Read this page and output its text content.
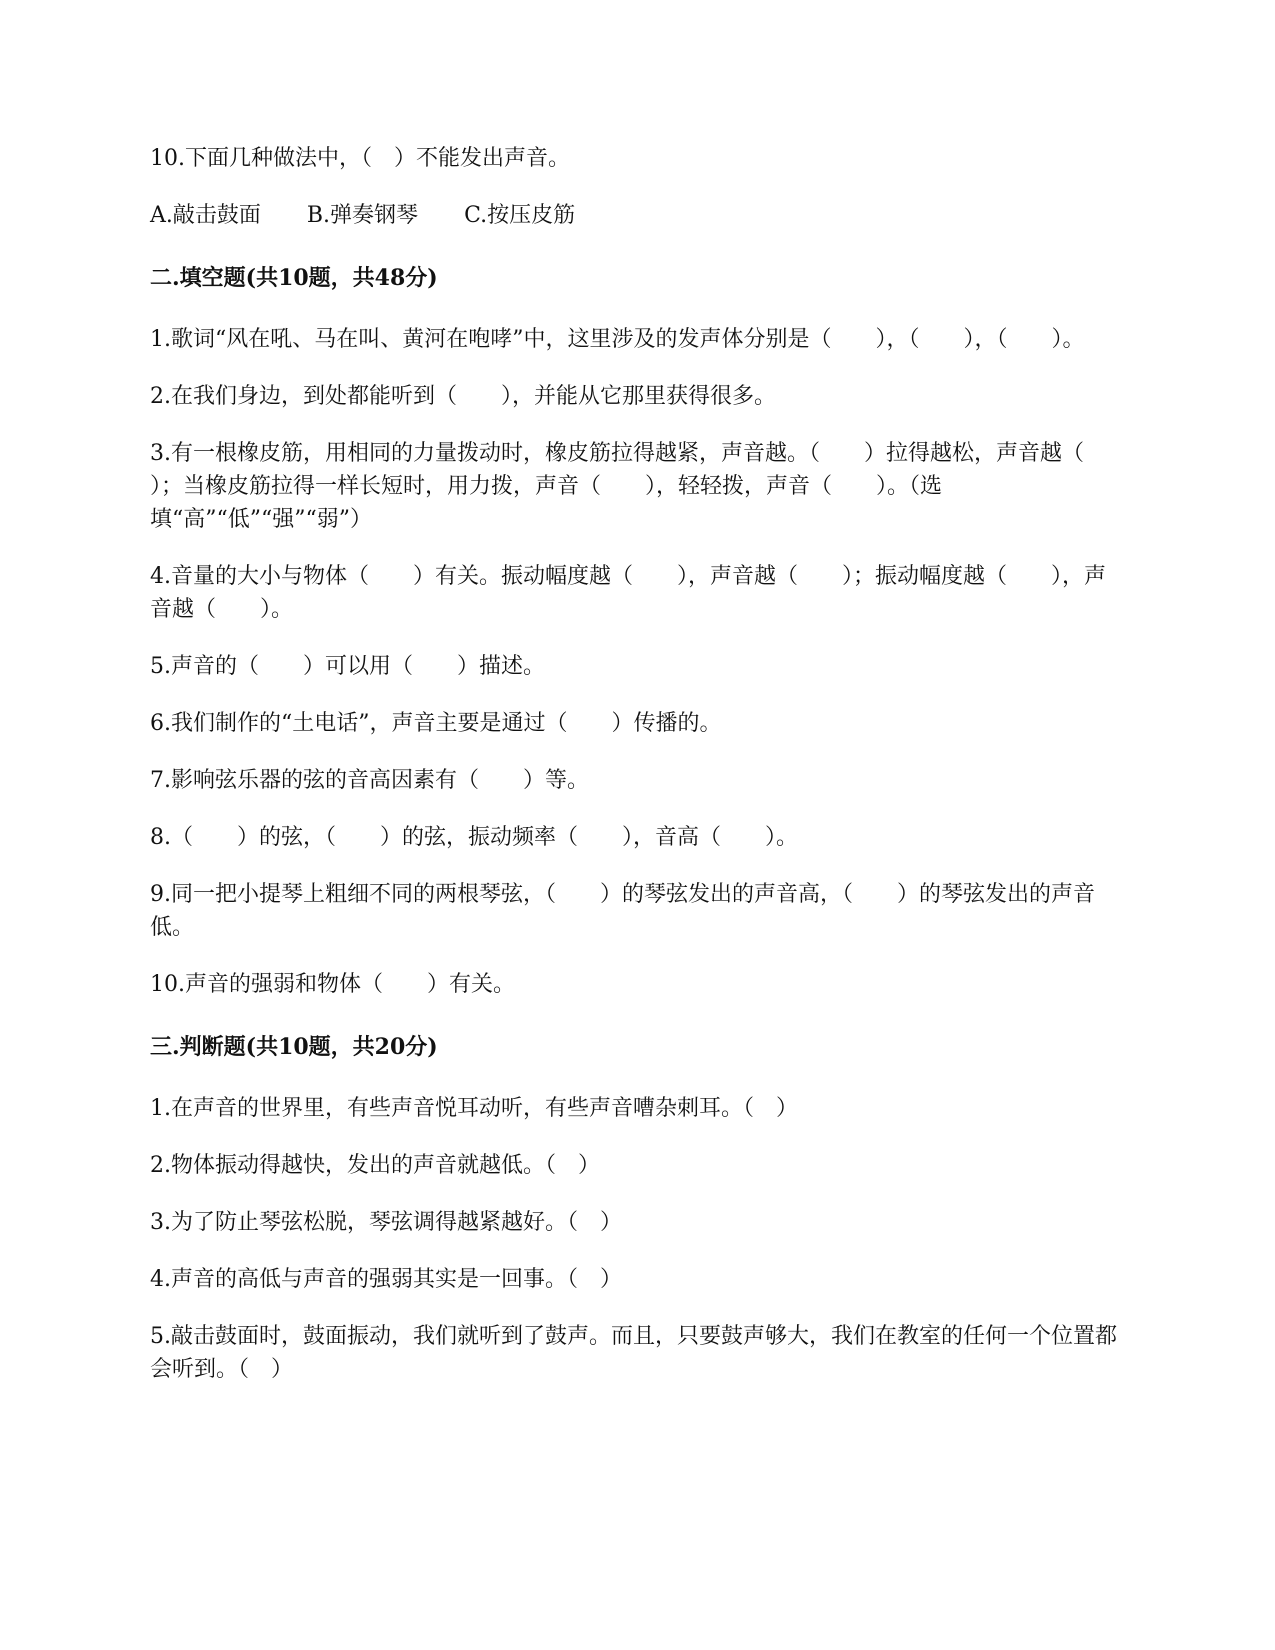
10.下面几种做法中，（　）不能发出声音。
A.敲击鼓面 B.弹奏钢琴 C.按压皮筋
二.填空题(共10题，共48分)
1.歌词“风在吼、马在叫、黄河在咆哮”中，这里涉及的发声体分别是（　　），（　　），（　　）。
2.在我们身边，到处都能听到（　　），并能从它那里获得很多。
3.有一根橡皮筋，用相同的力量拨动时，橡皮筋拉得越紧，声音越。（　　）拉得越松，声音越（　　）；当橡皮筋拉得一样长短时，用力拨，声音（　　），轻轻拨，声音（　　）。（选填“高”“低”“强”“弱”）
4.音量的大小与物体（　　）有关。振动幅度越（　　），声音越（　　）；振动幅度越（　　），声音越（　　）。
5.声音的（　　）可以用（　　）描述。
6.我们制作的“土电话”，声音主要是通过（　　）传播的。
7.影响弦乐器的弦的音高因素有（　　）等。
8.（　　）的弦，（　　）的弦，振动频率（　　），音高（　　）。
9.同一把小提琴上粗细不同的两根琴弦，（　　）的琴弦发出的声音高，（　　）的琴弦发出的声音低。
10.声音的强弱和物体（　　）有关。
三.判断题(共10题，共20分)
1.在声音的世界里，有些声音悦耳动听，有些声音嘈杂刺耳。（　）
2.物体振动得越快，发出的声音就越低。（　）
3.为了防止琴弦松脱，琴弦调得越紧越好。（　）
4.声音的高低与声音的强弱其实是一回事。（　）
5.敲击鼓面时，鼓面振动，我们就听到了鼓声。而且，只要鼓声够大，我们在教室的任何一个位置都会听到。（　）
